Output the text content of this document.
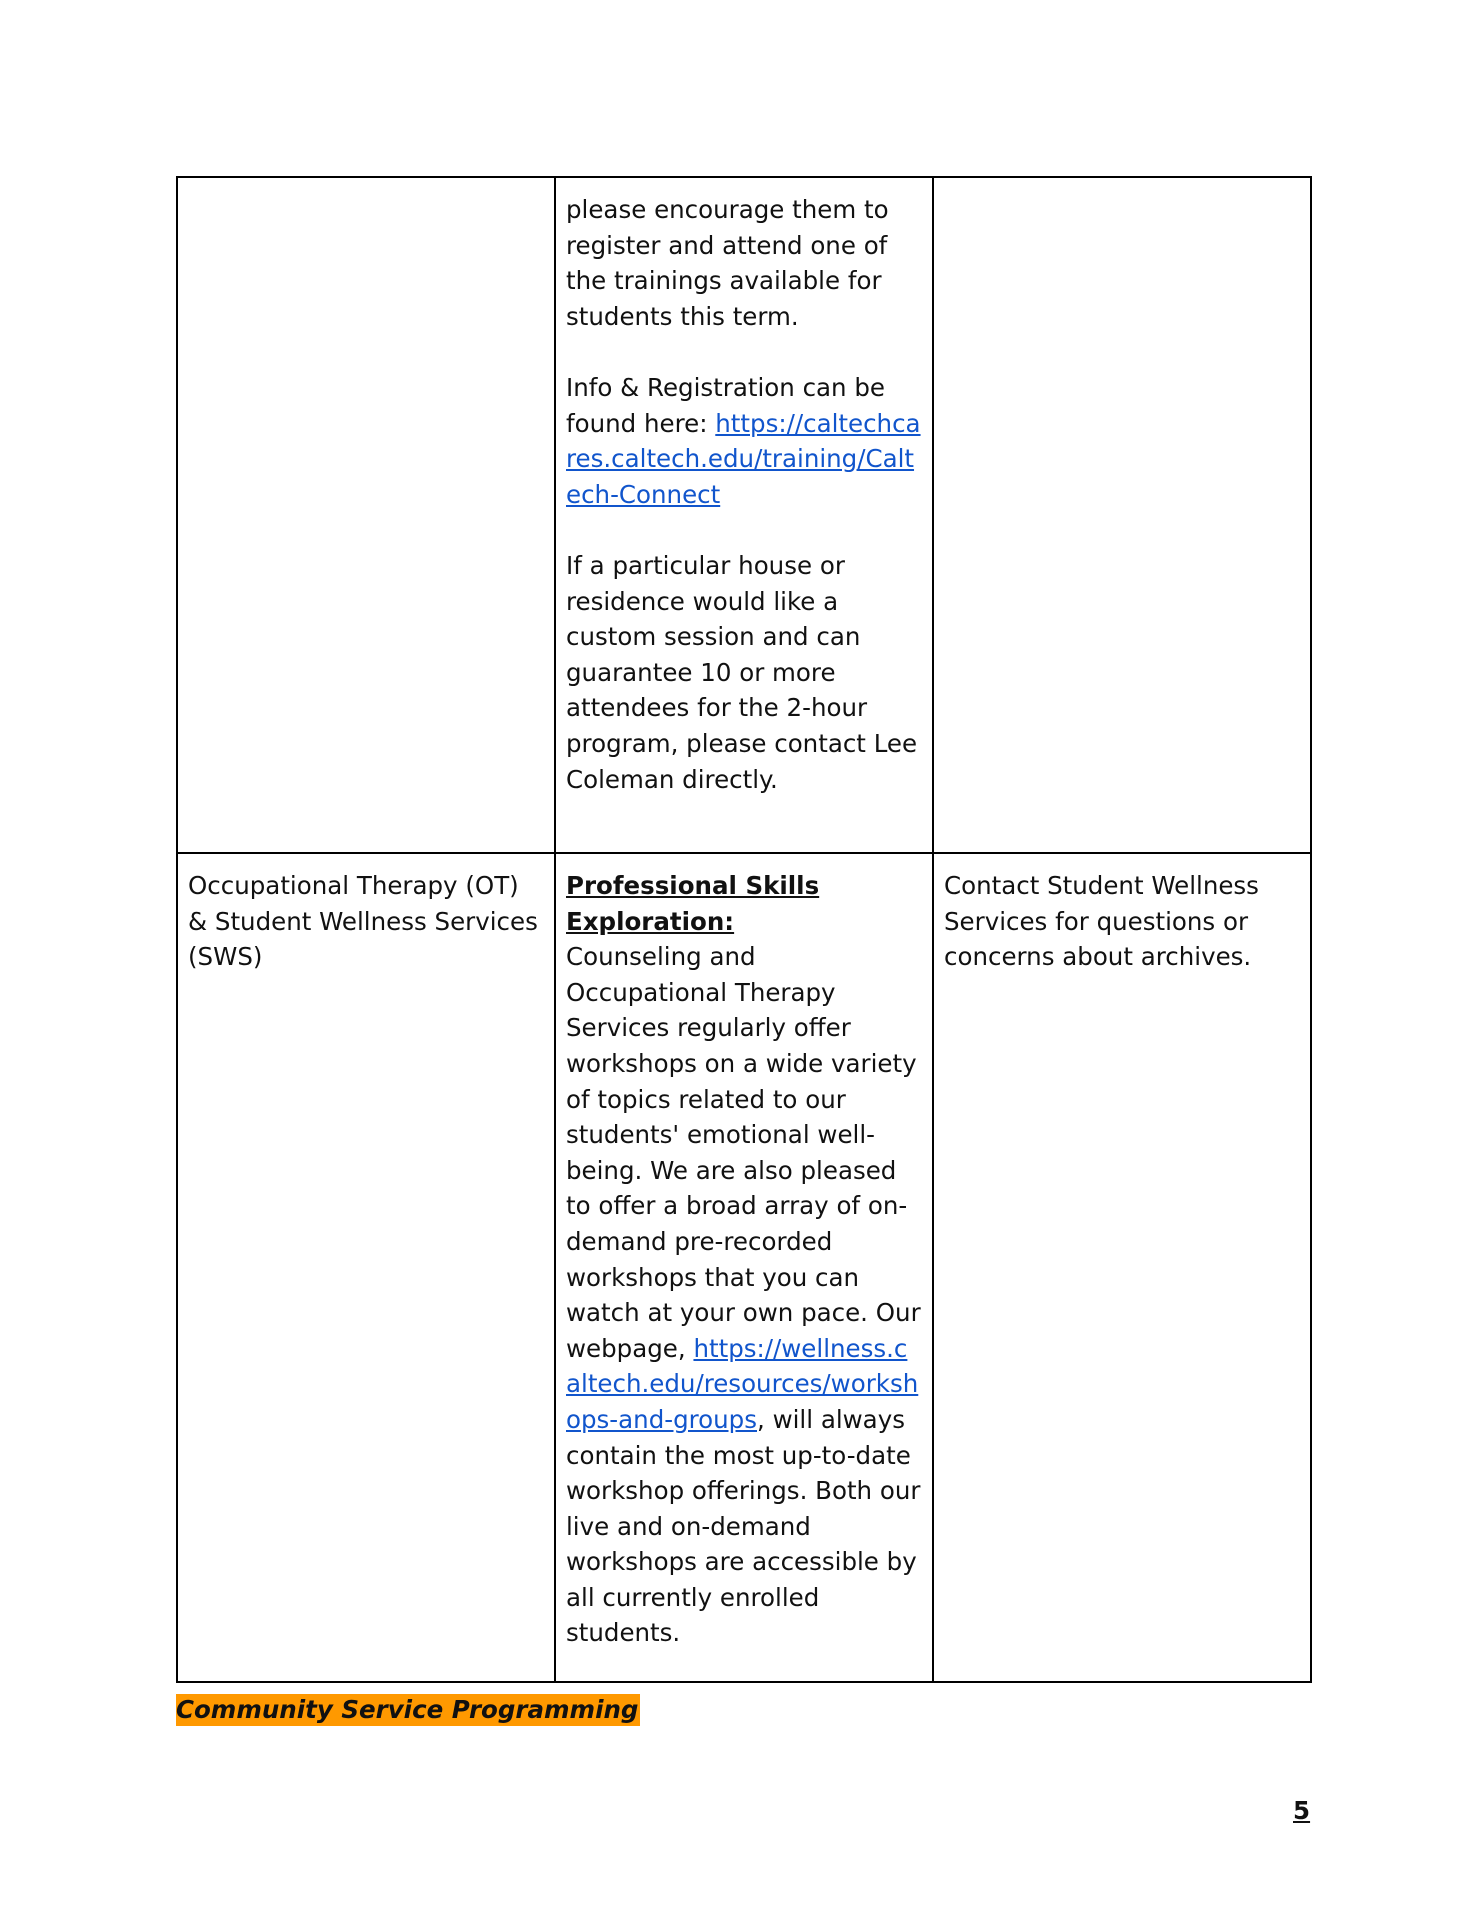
	please encourage them to register and attend one of the trainings available for students this term.

Info & Registration can be found here: https://caltechcares.caltech.edu/training/Caltech-Connect

If a particular house or residence would like a custom session and can guarantee 10 or more attendees for the 2-hour program, please contact Lee Coleman directly.	

Occupational Therapy (OT) & Student Wellness Services (SWS)	Professional Skills Exploration:
Counseling and Occupational Therapy Services regularly offer workshops on a wide variety of topics related to our students' emotional well-being. We are also pleased to offer a broad array of on-demand pre-recorded workshops that you can watch at your own pace. Our webpage, https://wellness.caltech.edu/resources/workshops-and-groups, will always contain the most up-to-date workshop offerings. Both our live and on-demand workshops are accessible by all currently enrolled students.	Contact Student Wellness Services for questions or concerns about archives.
Community Service Programming
5
